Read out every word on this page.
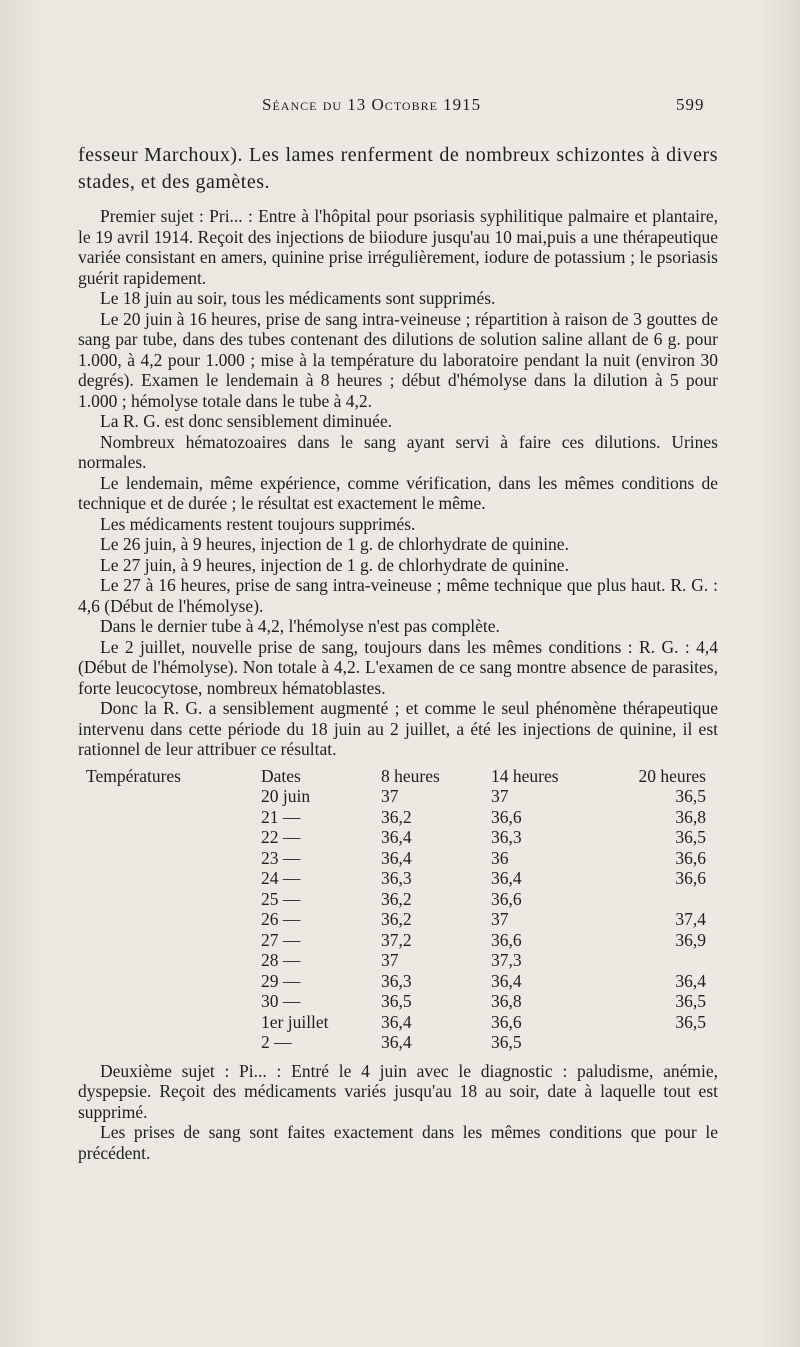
Séance du 13 Octobre 1915	599

fesseur Marchoux). Les lames renferment de nombreux schizontes à divers stades, et des gamètes.

Premier sujet : Pri... : Entre à l'hôpital pour psoriasis syphilitique palmaire et plantaire, le 19 avril 1914. Reçoit des injections de biiodure jusqu'au 10 mai,puis a une thérapeutique variée consistant en amers, quinine prise irrégulièrement, iodure de potassium ; le psoriasis guérit rapidement.

Le 18 juin au soir, tous les médicaments sont supprimés.

Le 20 juin à 16 heures, prise de sang intra-veineuse ; répartition à raison de 3 gouttes de sang par tube, dans des tubes contenant des dilutions de solution saline allant de 6 g. pour 1.000, à 4,2 pour 1.000 ; mise à la température du laboratoire pendant la nuit (environ 30 degrés). Examen le lendemain à 8 heures ; début d'hémolyse dans la dilution à 5 pour 1.000 ; hémolyse totale dans le tube à 4,2.

La R. G. est donc sensiblement diminuée.

Nombreux hématozoaires dans le sang ayant servi à faire ces dilutions. Urines normales.

Le lendemain, même expérience, comme vérification, dans les mêmes conditions de technique et de durée ; le résultat est exactement le même.

Les médicaments restent toujours supprimés.

Le 26 juin, à 9 heures, injection de 1 g. de chlorhydrate de quinine.

Le 27 juin, à 9 heures, injection de 1 g. de chlorhydrate de quinine.

Le 27 à 16 heures, prise de sang intra-veineuse ; même technique que plus haut. R. G. : 4,6 (Début de l'hémolyse).

Dans le dernier tube à 4,2, l'hémolyse n'est pas complète.

Le 2 juillet, nouvelle prise de sang, toujours dans les mêmes conditions : R. G. : 4,4 (Début de l'hémolyse). Non totale à 4,2. L'examen de ce sang montre absence de parasites, forte leucocytose, nombreux hématoblastes.

Donc la R. G. a sensiblement augmenté ; et comme le seul phénomène thérapeutique intervenu dans cette période du 18 juin au 2 juillet, a été les injections de quinine, il est rationnel de leur attribuer ce résultat.

Températures	Dates	8 heures	14 heures	20 heures
	20 juin	37	37	36,5
	21 —	36,2	36,6	36,8
	22 —	36,4	36,3	36,5
	23 —	36,4	36	36,6
	24 —	36,3	36,4	36,6
	25 —	36,2	36,6	
	26 —	36,2	37	37,4
	27 —	37,2	36,6	36,9
	28 —	37	37,3	
	29 —	36,3	36,4	36,4
	30 —	36,5	36,8	36,5
	1er juillet	36,4	36,6	36,5
	2 —	36,4	36,5	

Deuxième sujet : Pi... : Entré le 4 juin avec le diagnostic : paludisme, anémie, dyspepsie. Reçoit des médicaments variés jusqu'au 18 au soir, date à laquelle tout est supprimé.

Les prises de sang sont faites exactement dans les mêmes conditions que pour le précédent.
